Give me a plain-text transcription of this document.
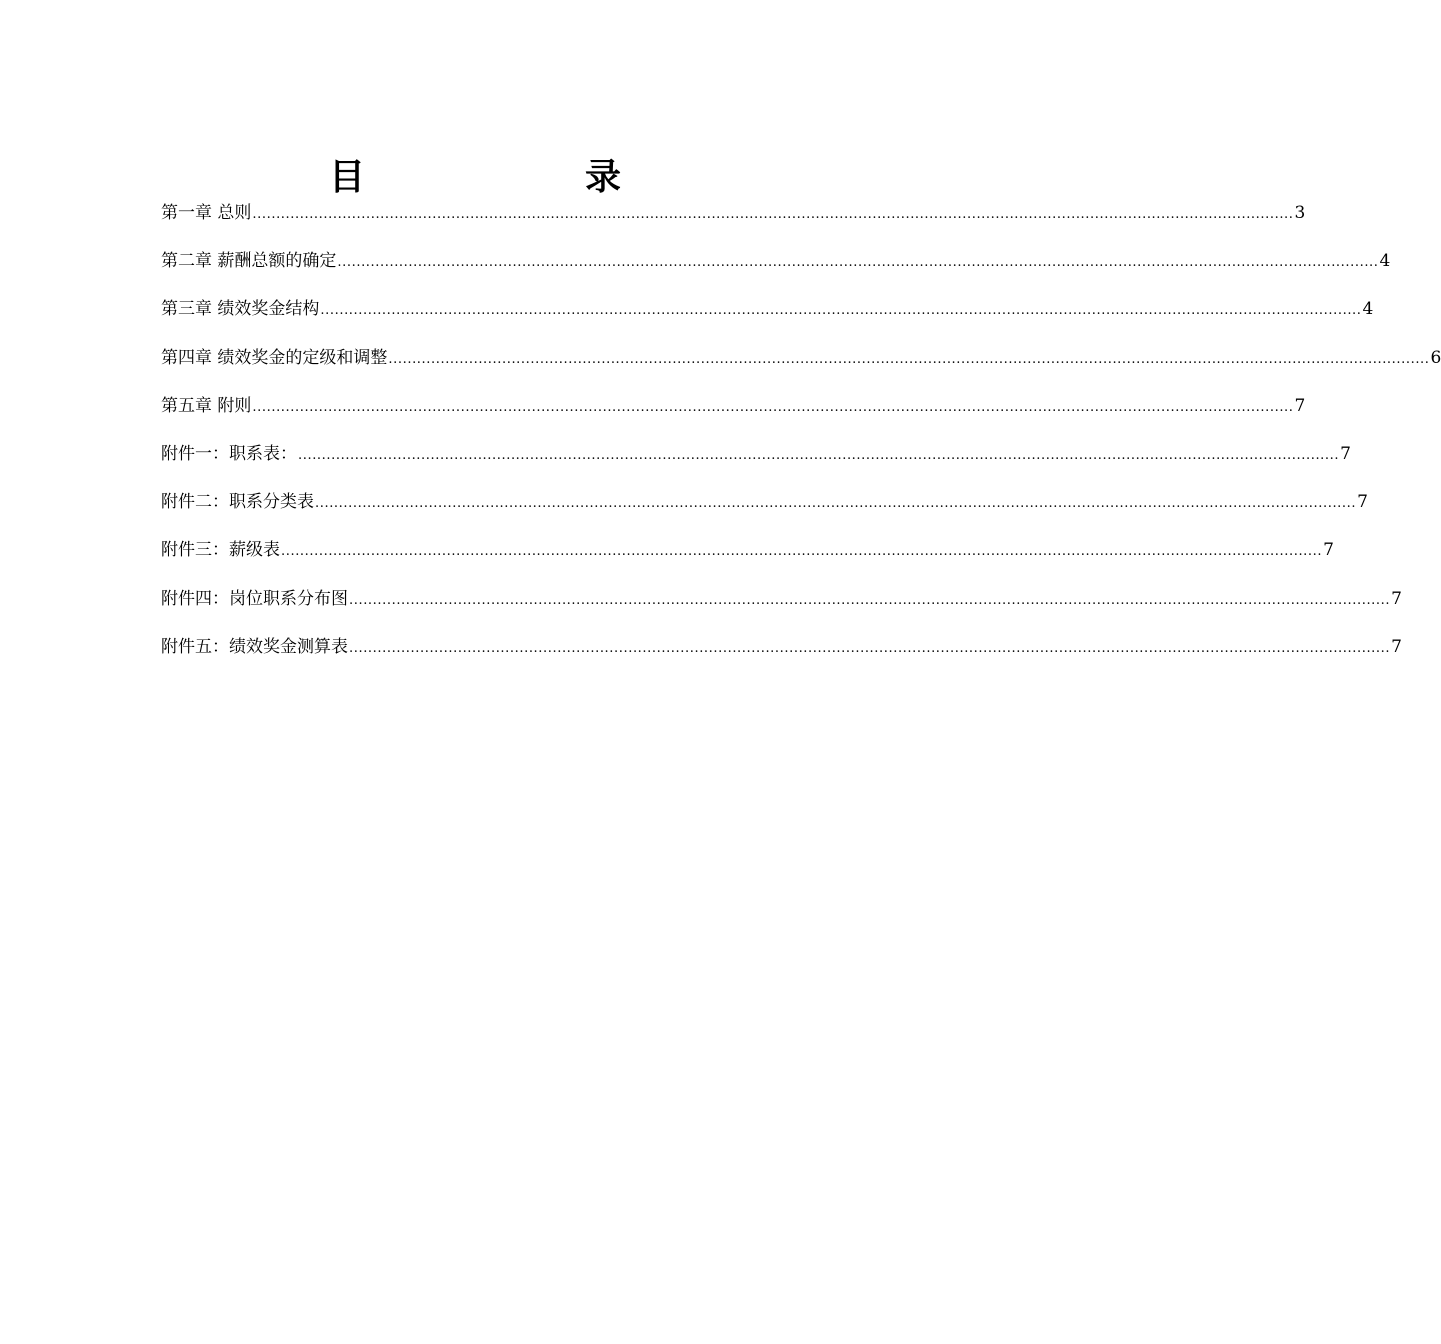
目　录
第一章 总则 ............................................................................................................................................................................................................................ 3
第二章 薪酬总额的确定 ............................................................................................................................................................................................................................ 4
第三章 绩效奖金结构 ............................................................................................................................................................................................................................ 4
第四章 绩效奖金的定级和调整 ............................................................................................................................................................................................................................ 6
第五章 附则 ............................................................................................................................................................................................................................ 7
附件一：职系表： ............................................................................................................................................................................................................................ 7
附件二：职系分类表 ............................................................................................................................................................................................................................ 7
附件三：薪级表 ............................................................................................................................................................................................................................ 7
附件四：岗位职系分布图 ............................................................................................................................................................................................................................ 7
附件五：绩效奖金测算表 ............................................................................................................................................................................................................................ 7
